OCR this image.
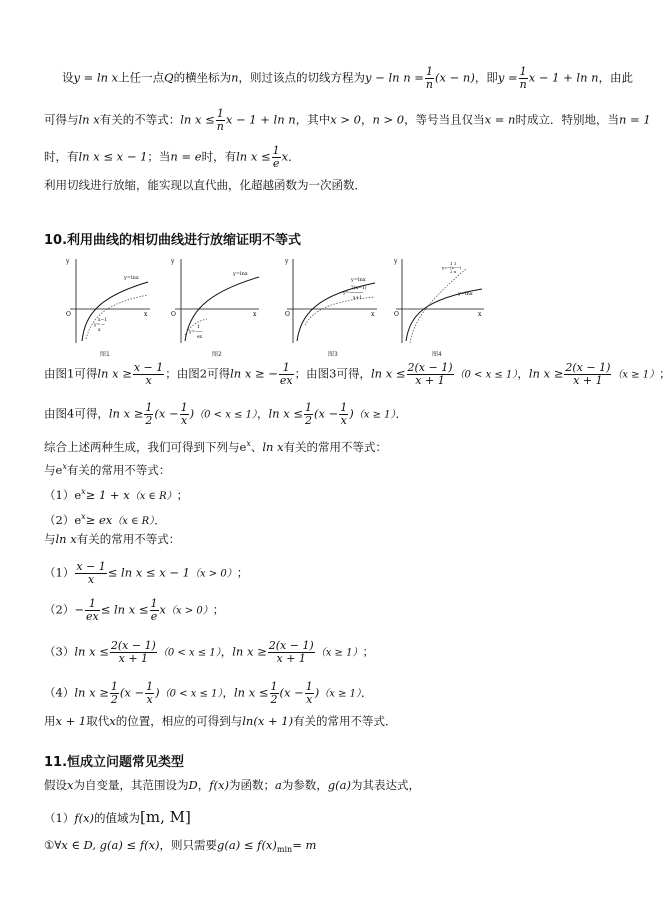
设y = ln x上任一点Q的横坐标为n，则过该点的切线方程为$y - \ln n = \frac{1}{n} (x - n)$，即$y = \frac{1}{n}$ x − 1 + ln n，由此
可得与ln x有关的不等式：$\ln x \le \frac{1}{n}$ x − 1 + ln n，其中x > 0，n > 0，等号当且仅当x = n时成立．特别地，当n = 1
时，有ln x ≤ x − 1；当n = e时，有$\ln x \le \frac{1}{e}$ x．
利用切线进行放缩，能实现以直代曲，化超越函数为一次函数．
10.利用曲线的相切曲线进行放缩证明不等式
y
x
O
y=lnx
x−1
y= ─
x
图1
y
x
O
y=lnx
1
y=−─
ex
图2
y
x
O
y=lnx
2(x−1)
y=─────
x+1
图3
y
x
O
y=lnx
1 1
y=─(x−─)
2 x
图4
由图1可得$\ln x \ge \frac{x - 1}{x}$ ；由图2可得ln x ≥ − $\frac{1}{ex}$ ；由图3可得，$\ln x \le \frac{2(x - 1)}{x + 1} (0 < x \le 1)$，$\ln x \ge \frac{2(x - 1)}{x + 1} (x \ge 1)$；
由图4可得，$\ln x \ge \frac{1}{2} (x - \frac{1}{x} )(0 < x \le 1)$，$\ln x \le \frac{1}{2} (x - \frac{1}{x} )(x \ge 1)$．
综合上述两种生成，我们可得到下列与$e^x$、ln x有关的常用不等式：
与$e^x$有关的常用不等式：
$(1)e^x\ge 1 + x(x$ ∈ R）；
$(2)e^x\ge ex(x$ ∈ R）．
与ln x有关的常用不等式：
$(1) \frac{x - 1}{x} \le \ln x \le x - 1(x > 0)$；
$(2)- \frac{1}{ex} \le \ln x \le \frac{1}{e} x(x > 0)$；
（3）ln $x \le \frac{2(x - 1)}{x + 1} (0 < x \le 1)$，$\ln x \ge \frac{2(x - 1)}{x + 1} (x \ge 1)$；
（4）ln $x \ge \frac{1}{2} (x - \frac{1}{x} )(0 < x \le 1)$，$\ln x \le \frac{1}{2} (x - \frac{1}{x} )(x \ge 1)$．
用x + 1取代x的位置，相应的可得到与ln(x + 1)有关的常用不等式．
11.恒成立问题常见类型
假设x为自变量，其范围设为D，f(x)为函数；a为参数，g(a)为其表达式，
（1）f(x)的值域为[m, M]
①∀x ∈ D, g(a) ≤ f(x)，则只需要$g(a) \le f(x)_{min}= m$
